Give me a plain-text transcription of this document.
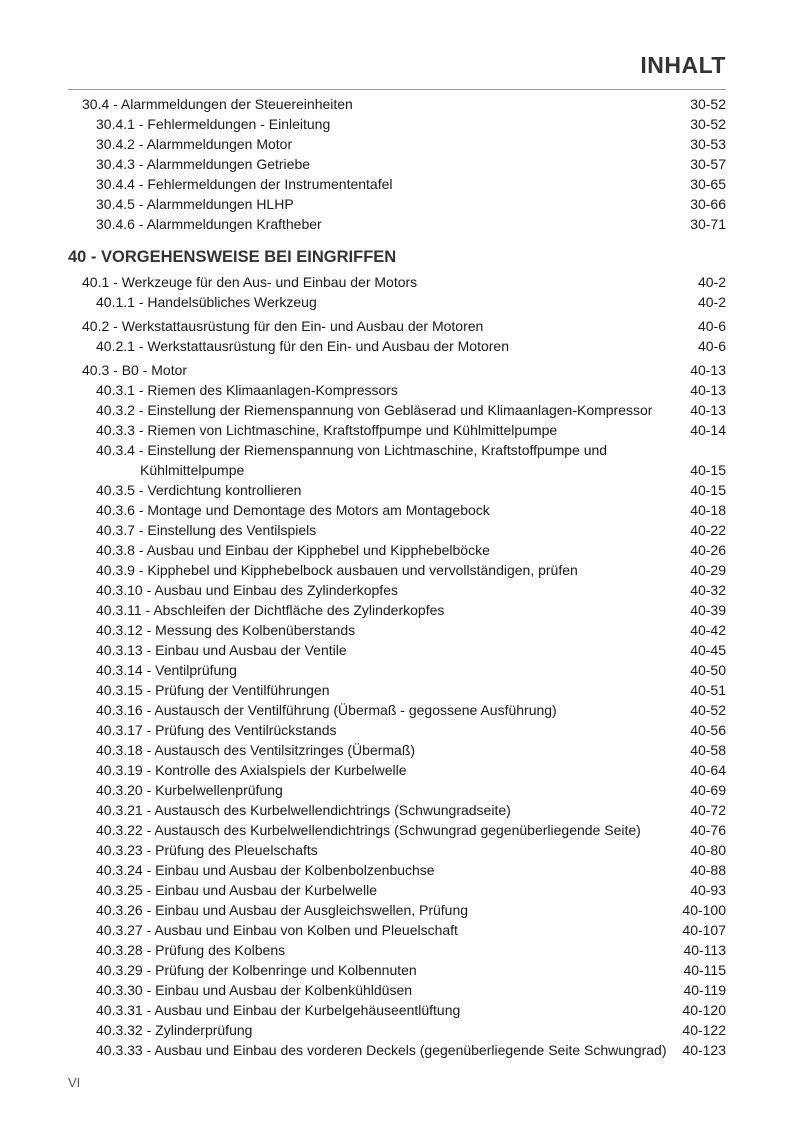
INHALT
30.4 - Alarmmeldungen der Steuereinheiten	30-52
30.4.1 - Fehlermeldungen - Einleitung	30-52
30.4.2 - Alarmmeldungen Motor	30-53
30.4.3 - Alarmmeldungen Getriebe	30-57
30.4.4 - Fehlermeldungen der Instrumententafel	30-65
30.4.5 - Alarmmeldungen HLHP	30-66
30.4.6 - Alarmmeldungen Kraftheber	30-71
40 - VORGEHENSWEISE BEI EINGRIFFEN
40.1 - Werkzeuge für den Aus- und Einbau der Motors	40-2
40.1.1 - Handelsübliches Werkzeug	40-2
40.2 - Werkstattausrüstung für den Ein- und Ausbau der Motoren	40-6
40.2.1 - Werkstattausrüstung für den Ein- und Ausbau der Motoren	40-6
40.3 - B0 - Motor	40-13
40.3.1 - Riemen des Klimaanlagen-Kompressors	40-13
40.3.2 - Einstellung der Riemenspannung von Gebläserad und Klimaanlagen-Kompressor	40-13
40.3.3 - Riemen von Lichtmaschine, Kraftstoffpumpe und Kühlmittelpumpe	40-14
40.3.4 - Einstellung der Riemenspannung von Lichtmaschine, Kraftstoffpumpe und
Kühlmittelpumpe	40-15
40.3.5 - Verdichtung kontrollieren	40-15
40.3.6 - Montage und Demontage des Motors am Montagebock	40-18
40.3.7 - Einstellung des Ventilspiels	40-22
40.3.8 - Ausbau und Einbau der Kipphebel und Kipphebelböcke	40-26
40.3.9 - Kipphebel und Kipphebelbock ausbauen und vervollständigen, prüfen	40-29
40.3.10 - Ausbau und Einbau des Zylinderkopfes	40-32
40.3.11 - Abschleifen der Dichtfläche des Zylinderkopfes	40-39
40.3.12 - Messung des Kolbenüberstands	40-42
40.3.13 - Einbau und Ausbau der Ventile	40-45
40.3.14 - Ventilprüfung	40-50
40.3.15 - Prüfung der Ventilführungen	40-51
40.3.16 - Austausch der Ventilführung (Übermaß - gegossene Ausführung)	40-52
40.3.17 - Prüfung des Ventilrückstands	40-56
40.3.18 - Austausch des Ventilsitzringes (Übermaß)	40-58
40.3.19 - Kontrolle des Axialspiels der Kurbelwelle	40-64
40.3.20 - Kurbelwellenprüfung	40-69
40.3.21 - Austausch des Kurbelwellendichtrings (Schwungradseite)	40-72
40.3.22 - Austausch des Kurbelwellendichtrings (Schwungrad gegenüberliegende Seite)	40-76
40.3.23 - Prüfung des Pleuelschafts	40-80
40.3.24 - Einbau und Ausbau der Kolbenbolzenbuchse	40-88
40.3.25 - Einbau und Ausbau der Kurbelwelle	40-93
40.3.26 - Einbau und Ausbau der Ausgleichswellen, Prüfung	40-100
40.3.27 - Ausbau und Einbau von Kolben und Pleuelschaft	40-107
40.3.28 - Prüfung des Kolbens	40-113
40.3.29 - Prüfung der Kolbenringe und Kolbennuten	40-115
40.3.30 - Einbau und Ausbau der Kolbenkühldüsen	40-119
40.3.31 - Ausbau und Einbau der Kurbelgehäuseentlüftung	40-120
40.3.32 - Zylinderprüfung	40-122
40.3.33 - Ausbau und Einbau des vorderen Deckels (gegenüberliegende Seite Schwungrad) 40-123
VI
